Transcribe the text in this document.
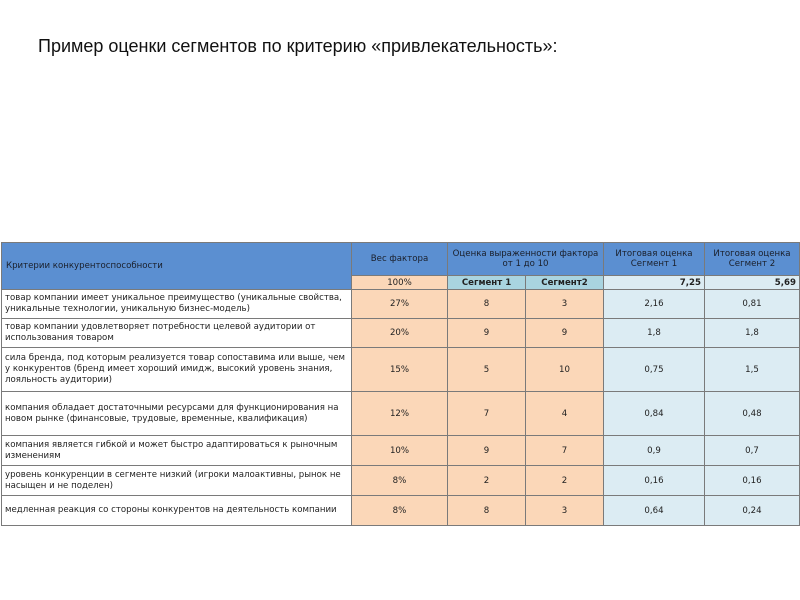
Пример оценки сегментов по критерию «привлекательность»:
Критерии конкурентоспособности	Вес фактора	Оценка выраженности фактора от 1 до 10		Итоговая оценка Сегмент 1	Итоговая оценка Сегмент 2
	100%	Сегмент 1	Сегмент2	7,25	5,69
товар компании имеет уникальное преимущество (уникальные свойства, уникальные технологии, уникальную бизнес-модель)	27%	8	3	2,16	0,81
товар компании удовлетворяет потребности целевой аудитории от использования товаром	20%	9	9	1,8	1,8
сила бренда, под которым реализуется товар сопоставима или выше, чем у конкурентов (бренд имеет хороший имидж, высокий уровень знания, лояльность аудитории)	15%	5	10	0,75	1,5
компания обладает достаточными ресурсами для функционирования на новом рынке (финансовые, трудовые, временные, квалификация)	12%	7	4	0,84	0,48
компания является гибкой и может быстро адаптироваться к рыночным изменениям	10%	9	7	0,9	0,7
уровень конкуренции в сегменте низкий (игроки малоактивны, рынок не насыщен и не поделен)	8%	2	2	0,16	0,16
медленная реакция со стороны конкурентов на деятельность компании	8%	8	3	0,64	0,24
